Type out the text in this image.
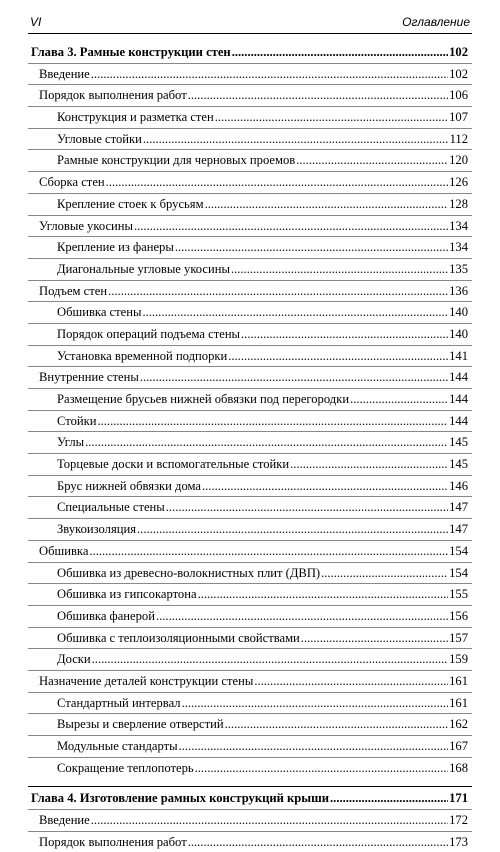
VI	Оглавление
Глава 3. Рамные конструкции стен .....	102
Введение .....	102
Порядок выполнения работ .....	106
Конструкция и разметка стен .....	107
Угловые стойки .....	112
Рамные конструкции для черновых проемов .....	120
Сборка стен .....	126
Крепление стоек к брусьям .....	128
Угловые укосины .....	134
Крепление из фанеры .....	134
Диагональные угловые укосины .....	135
Подъем стен .....	136
Обшивка стены .....	140
Порядок операций подъема стены .....	140
Установка временной подпорки .....	141
Внутренние стены .....	144
Размещение брусьев нижней обвязки под перегородки .....	144
Стойки .....	144
Углы .....	145
Торцевые доски и вспомогательные стойки .....	145
Брус нижней обвязки дома .....	146
Специальные стены .....	147
Звукоизоляция .....	147
Обшивка .....	154
Обшивка из древесно-волокнистных плит (ДВП) .....	154
Обшивка из гипсокартона .....	155
Обшивка фанерой .....	156
Обшивка с теплоизоляционными свойствами .....	157
Доски .....	159
Назначение деталей конструкции стены .....	161
Стандартный интервал .....	161
Вырезы и сверление отверстий .....	162
Модульные стандарты .....	167
Сокращение теплопотерь .....	168
Глава 4. Изготовление рамных конструкций крыши .....	171
Введение .....	172
Порядок выполнения работ .....	173
